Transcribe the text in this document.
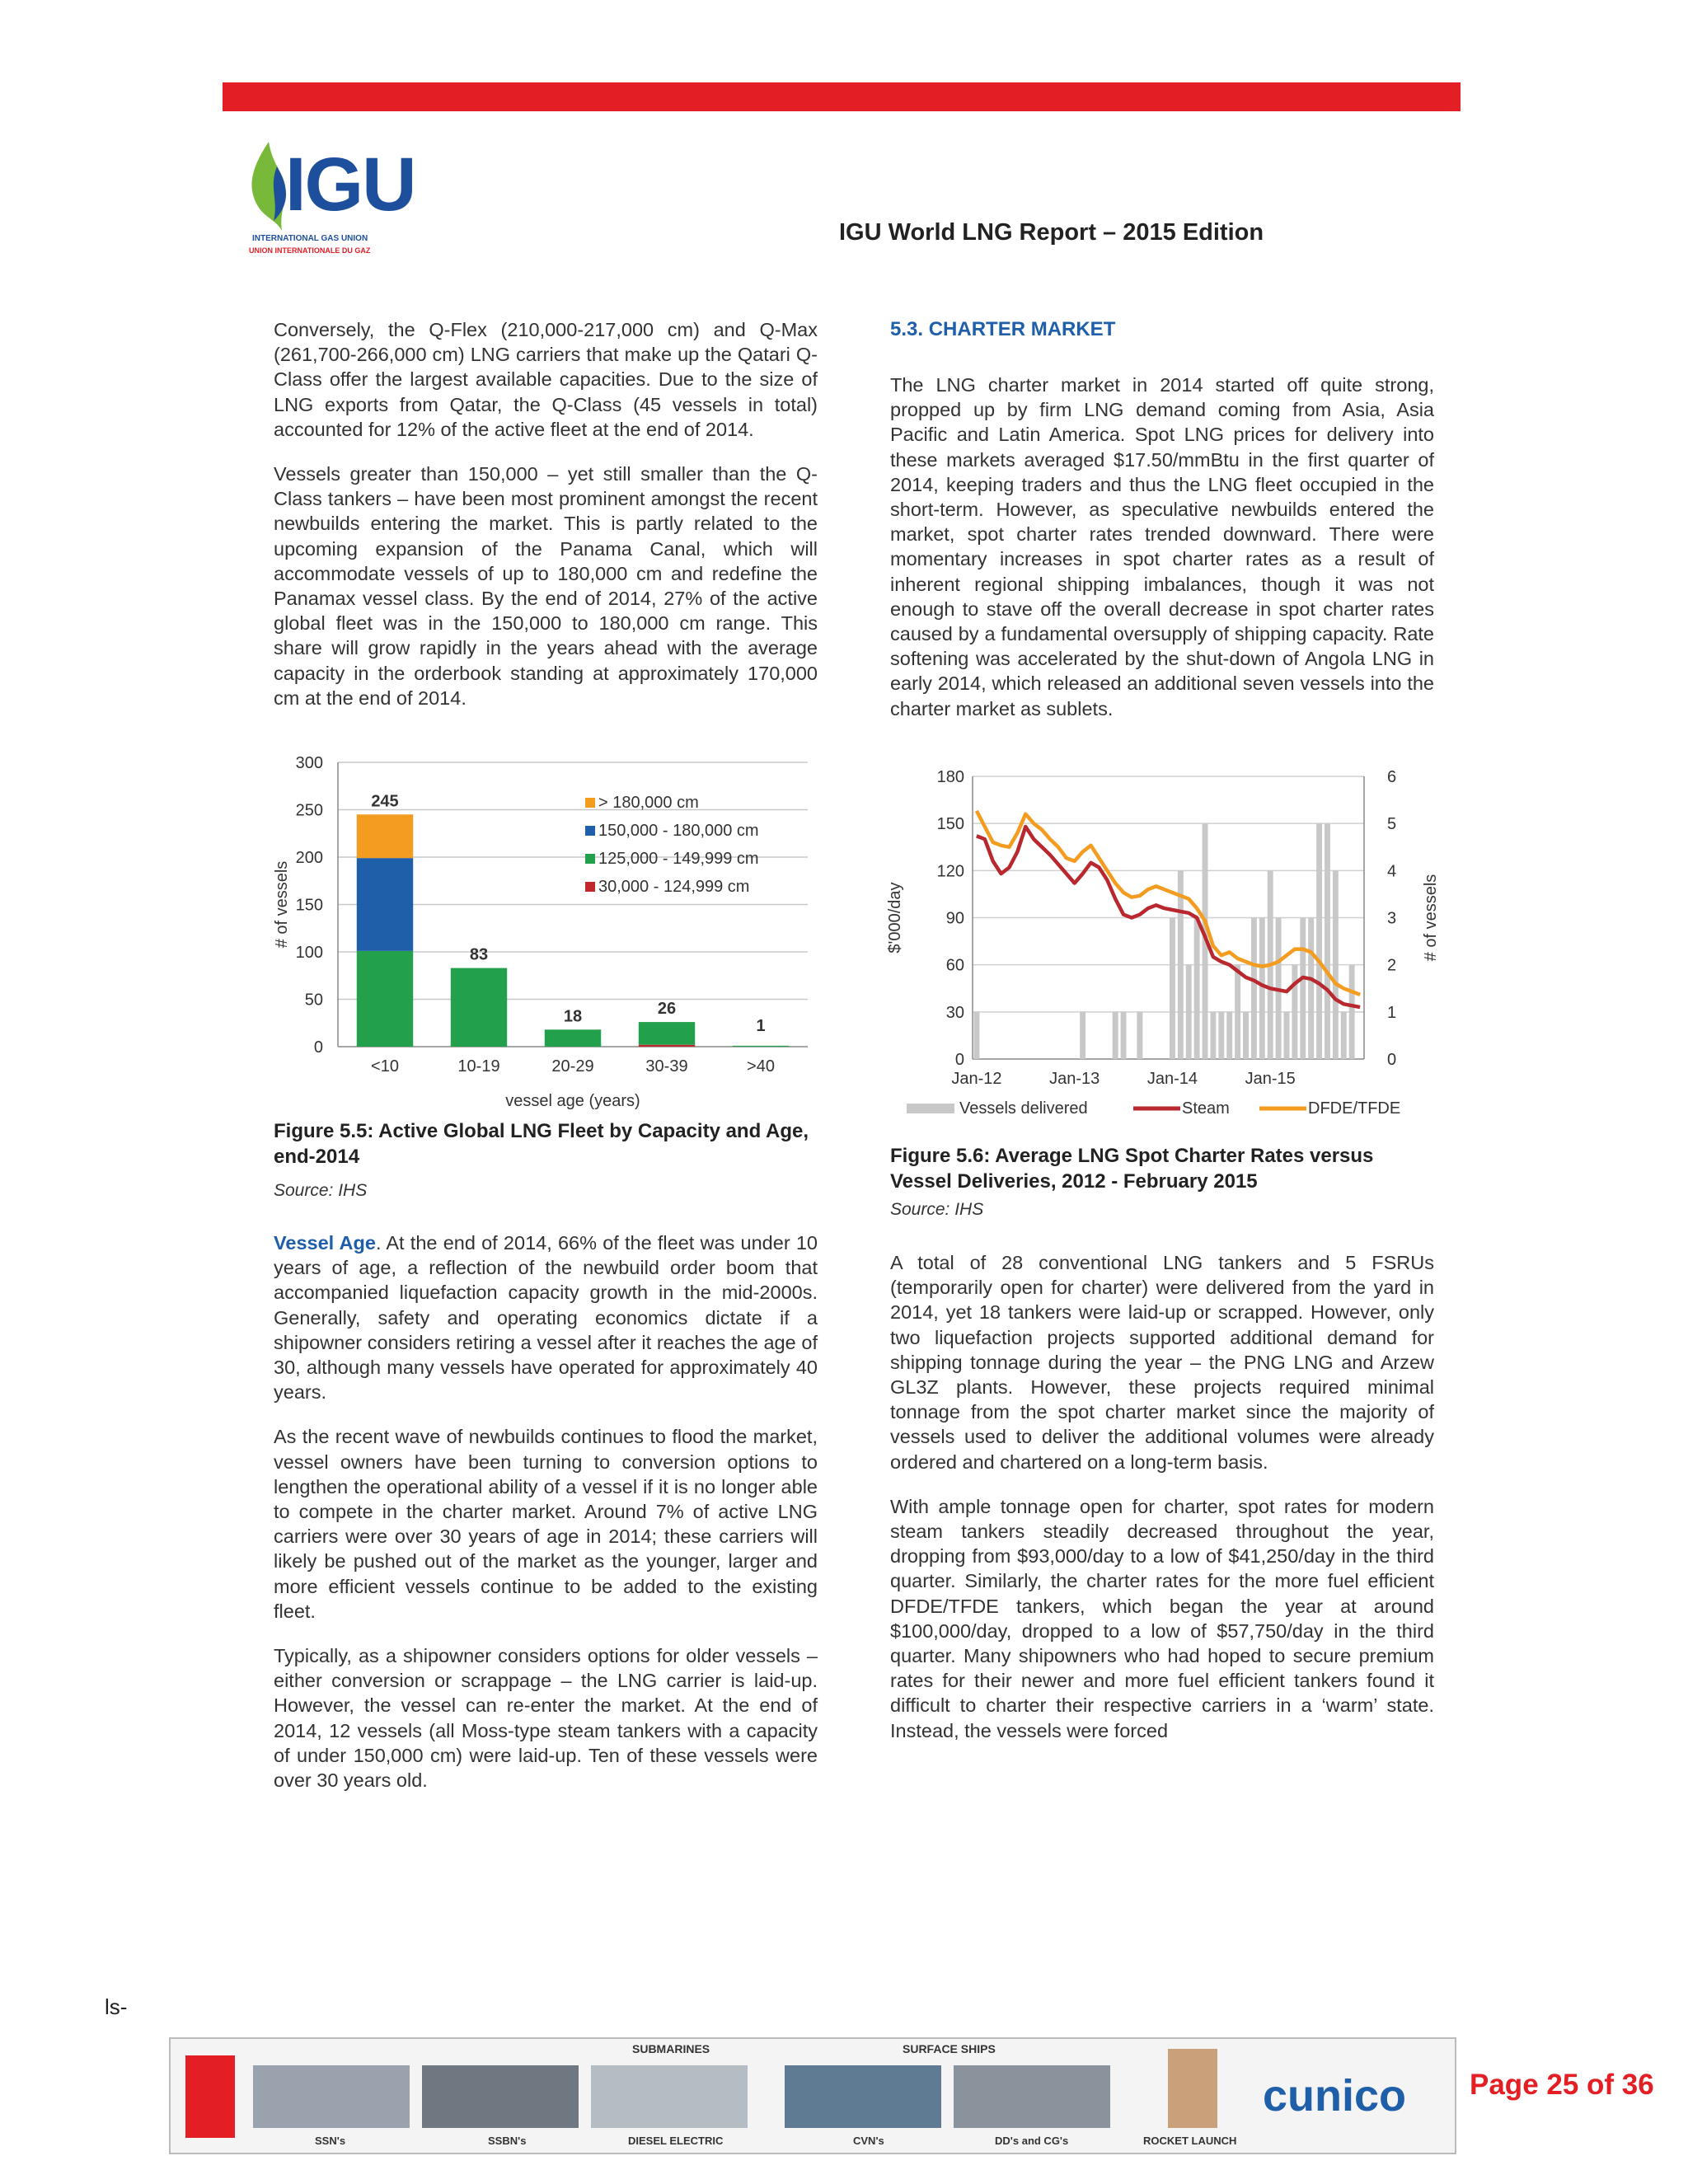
IGU
INTERNATIONAL GAS UNION
UNION INTERNATIONALE DU GAZ
IGU World LNG Report – 2015 Edition

Conversely, the Q-Flex (210,000-217,000 cm) and Q-Max (261,700-266,000 cm) LNG carriers that make up the Qatari Q-Class offer the largest available capacities. Due to the size of LNG exports from Qatar, the Q-Class (45 vessels in total) accounted for 12% of the active fleet at the end of 2014.

Vessels greater than 150,000 – yet still smaller than the Q-Class tankers – have been most prominent amongst the recent newbuilds entering the market. This is partly related to the upcoming expansion of the Panama Canal, which will accommodate vessels of up to 180,000 cm and redefine the Panamax vessel class. By the end of 2014, 27% of the active global fleet was in the 150,000 to 180,000 cm range. This share will grow rapidly in the years ahead with the average capacity in the orderbook standing at approximately 170,000 cm at the end of 2014.

0
50
100
150
200
250
300
<10	10-19	20-29	30-39	>40
245
83
18	26
1
vessel age (years)
# of vessels
> 180,000 cm
150,000 - 180,000 cm
125,000 - 149,999 cm
30,000 - 124,999 cm
Figure 5.5: Active Global LNG Fleet by Capacity and Age, end-2014
Source: IHS

Vessel Age. At the end of 2014, 66% of the fleet was under 10 years of age, a reflection of the newbuild order boom that accompanied liquefaction capacity growth in the mid-2000s. Generally, safety and operating economics dictate if a shipowner considers retiring a vessel after it reaches the age of 30, although many vessels have operated for approximately 40 years.

As the recent wave of newbuilds continues to flood the market, vessel owners have been turning to conversion options to lengthen the operational ability of a vessel if it is no longer able to compete in the charter market. Around 7% of active LNG carriers were over 30 years of age in 2014; these carriers will likely be pushed out of the market as the younger, larger and more efficient vessels continue to be added to the existing fleet.

Typically, as a shipowner considers options for older vessels – either conversion or scrappage – the LNG carrier is laid-up. However, the vessel can re-enter the market. At the end of 2014, 12 vessels (all Moss-type steam tankers with a capacity of under 150,000 cm) were laid-up. Ten of these vessels were over 30 years old.

5.3. CHARTER MARKET

The LNG charter market in 2014 started off quite strong, propped up by firm LNG demand coming from Asia, Asia Pacific and Latin America. Spot LNG prices for delivery into these markets averaged $17.50/mmBtu in the first quarter of 2014, keeping traders and thus the LNG fleet occupied in the short-term. However, as speculative newbuilds entered the market, spot charter rates trended downward. There were momentary increases in spot charter rates as a result of inherent regional shipping imbalances, though it was not enough to stave off the overall decrease in spot charter rates caused by a fundamental oversupply of shipping capacity. Rate softening was accelerated by the shut-down of Angola LNG in early 2014, which released an additional seven vessels into the charter market as sublets.

0
30
60
90
120
150
180
0
1
2
3
4
5
6
Jan-12	Jan-13	Jan-14	Jan-15
$'000/day	# of vessels
Vessels delivered	Steam	DFDE/TFDE
Figure 5.6: Average LNG Spot Charter Rates versus Vessel Deliveries, 2012 - February 2015
Source: IHS

A total of 28 conventional LNG tankers and 5 FSRUs (temporarily open for charter) were delivered from the yard in 2014, yet 18 tankers were laid-up or scrapped. However, only two liquefaction projects supported additional demand for shipping tonnage during the year – the PNG LNG and Arzew GL3Z plants. However, these projects required minimal tonnage from the spot charter market since the majority of vessels used to deliver the additional volumes were already ordered and chartered on a long-term basis.

With ample tonnage open for charter, spot rates for modern steam tankers steadily decreased throughout the year, dropping from $93,000/day to a low of $41,250/day in the third quarter. Similarly, the charter rates for the more fuel efficient DFDE/TFDE tankers, which began the year at around $100,000/day, dropped to a low of $57,750/day in the third quarter. Many shipowners who had hoped to secure premium rates for their newer and more fuel efficient tankers found it difficult to charter their respective carriers in a ‘warm’ state. Instead, the vessels were forced

ls-
SUBMARINES	SURFACE SHIPS
SSN's	SSBN's	DIESEL ELECTRIC	CVN's	DD's and CG's	ROCKET LAUNCH
cunico Page 25 of 36
